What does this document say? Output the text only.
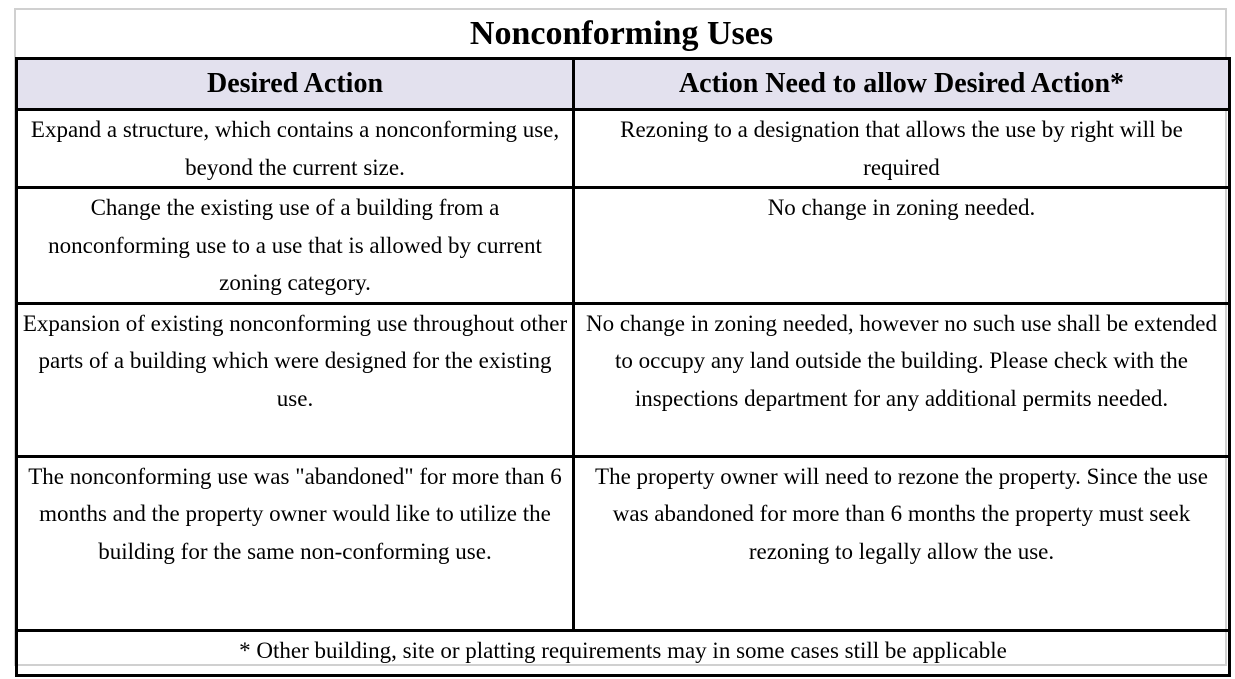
Nonconforming Uses
Desired Action	Action Need to allow Desired Action*
Expand a structure, which contains a nonconforming use, beyond the current size.	Rezoning to a designation that allows the use by right will be required
Change the existing use of a building from a nonconforming use to a use that is allowed by current zoning category.	No change in zoning needed.
Expansion of existing nonconforming use throughout other parts of a building which were designed for the existing use.	No change in zoning needed, however no such use shall be extended to occupy any land outside the building. Please check with the inspections department for any additional permits needed.
The nonconforming use was "abandoned" for more than 6 months and the property owner would like to utilize the building for the same non-conforming use.	The property owner will need to rezone the property. Since the use was abandoned for more than 6 months the property must seek rezoning to legally allow the use.
* Other building, site or platting requirements may in some cases still be applicable	
